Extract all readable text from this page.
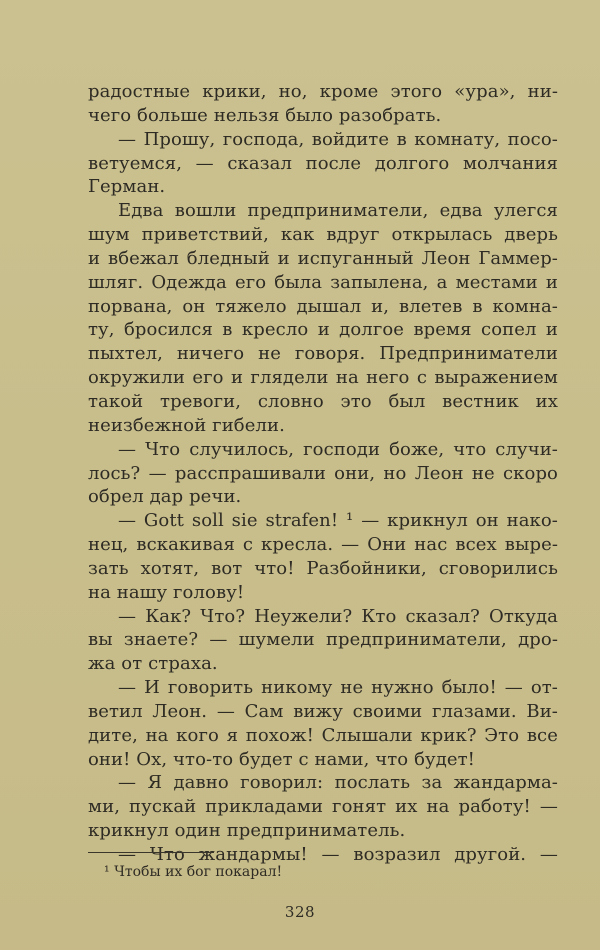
радостные крики, но, кроме этого «ура», ни-
чего больше нельзя было разобрать.
— Прошу, господа, войдите в комнату, посо-
ветуемся, — сказал после долгого молчания
Герман.
Едва вошли предприниматели, едва улегся
шум приветствий, как вдруг открылась дверь
и вбежал бледный и испуганный Леон Гаммер-
шляг. Одежда его была запылена, а местами и
порвана, он тяжело дышал и, влетев в комна-
ту, бросился в кресло и долгое время сопел и
пыхтел, ничего не говоря. Предприниматели
окружили его и глядели на него с выражением
такой тревоги, словно это был вестник их
неизбежной гибели.
— Что случилось, господи боже, что случи-
лось? — расспрашивали они, но Леон не скоро
обрел дар речи.
— Gott soll sie strafen! ¹ — крикнул он нако-
нец, вскакивая с кресла. — Они нас всех выре-
зать хотят, вот что! Разбойники, сговорились
на нашу голову!
— Как? Что? Неужели? Кто сказал? Откуда
вы знаете? — шумели предприниматели, дро-
жа от страха.
— И говорить никому не нужно было! — от-
ветил Леон. — Сам вижу своими глазами. Ви-
дите, на кого я похож! Слышали крик? Это все
они! Ох, что-то будет с нами, что будет!
— Я давно говорил: послать за жандарма-
ми, пускай прикладами гонят их на работу! —
крикнул один предприниматель.
— Что жандармы! — возразил другой. —
¹ Чтобы их бог покарал!
328
